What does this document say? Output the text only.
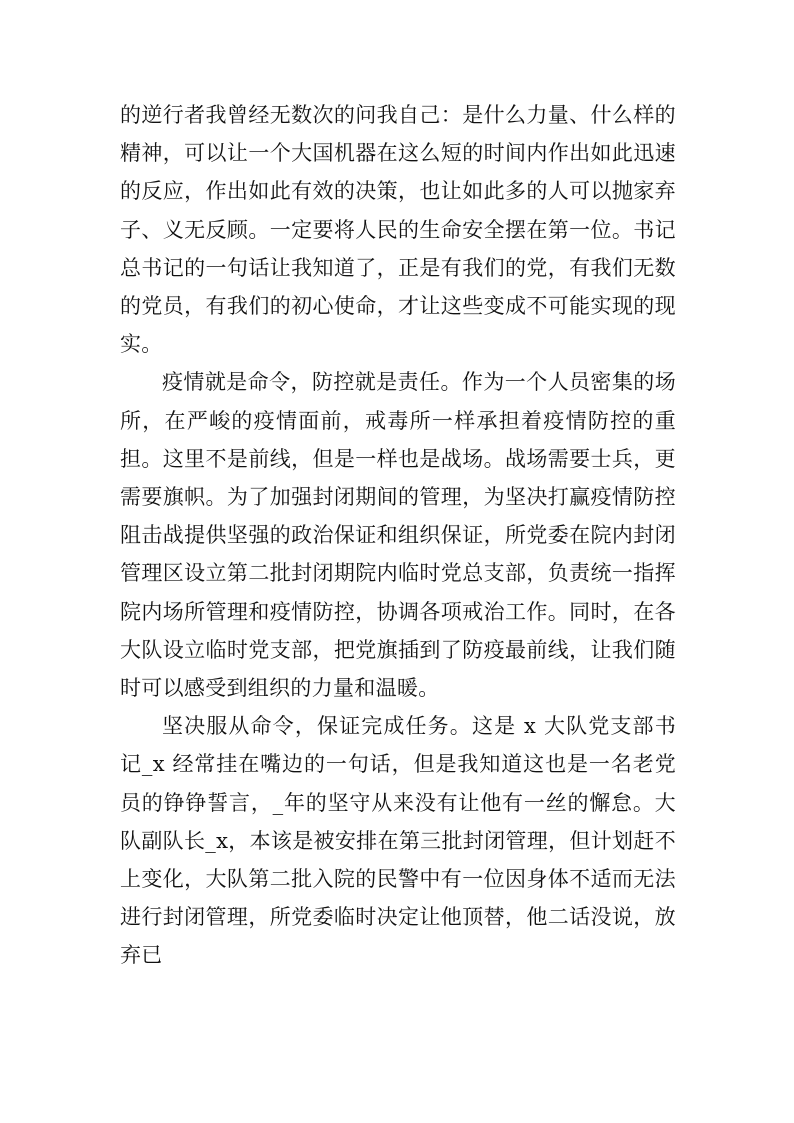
的逆行者我曾经无数次的问我自己：是什么力量、什么样的精神，可以让一个大国机器在这么短的时间内作出如此迅速的反应，作出如此有效的决策，也让如此多的人可以抛家弃子、义无反顾。一定要将人民的生命安全摆在第一位。书记总书记的一句话让我知道了，正是有我们的党，有我们无数的党员，有我们的初心使命，才让这些变成不可能实现的现实。

疫情就是命令，防控就是责任。作为一个人员密集的场所，在严峻的疫情面前，戒毒所一样承担着疫情防控的重担。这里不是前线，但是一样也是战场。战场需要士兵，更需要旗帜。为了加强封闭期间的管理，为坚决打赢疫情防控阻击战提供坚强的政治保证和组织保证，所党委在院内封闭管理区设立第二批封闭期院内临时党总支部，负责统一指挥院内场所管理和疫情防控，协调各项戒治工作。同时，在各大队设立临时党支部，把党旗插到了防疫最前线，让我们随时可以感受到组织的力量和温暖。

坚决服从命令，保证完成任务。这是 x 大队党支部书记_x 经常挂在嘴边的一句话，但是我知道这也是一名老党员的铮铮誓言，_年的坚守从来没有让他有一丝的懈怠。大队副队长_x，本该是被安排在第三批封闭管理，但计划赶不上变化，大队第二批入院的民警中有一位因身体不适而无法进行封闭管理，所党委临时决定让他顶替，他二话没说，放弃已
